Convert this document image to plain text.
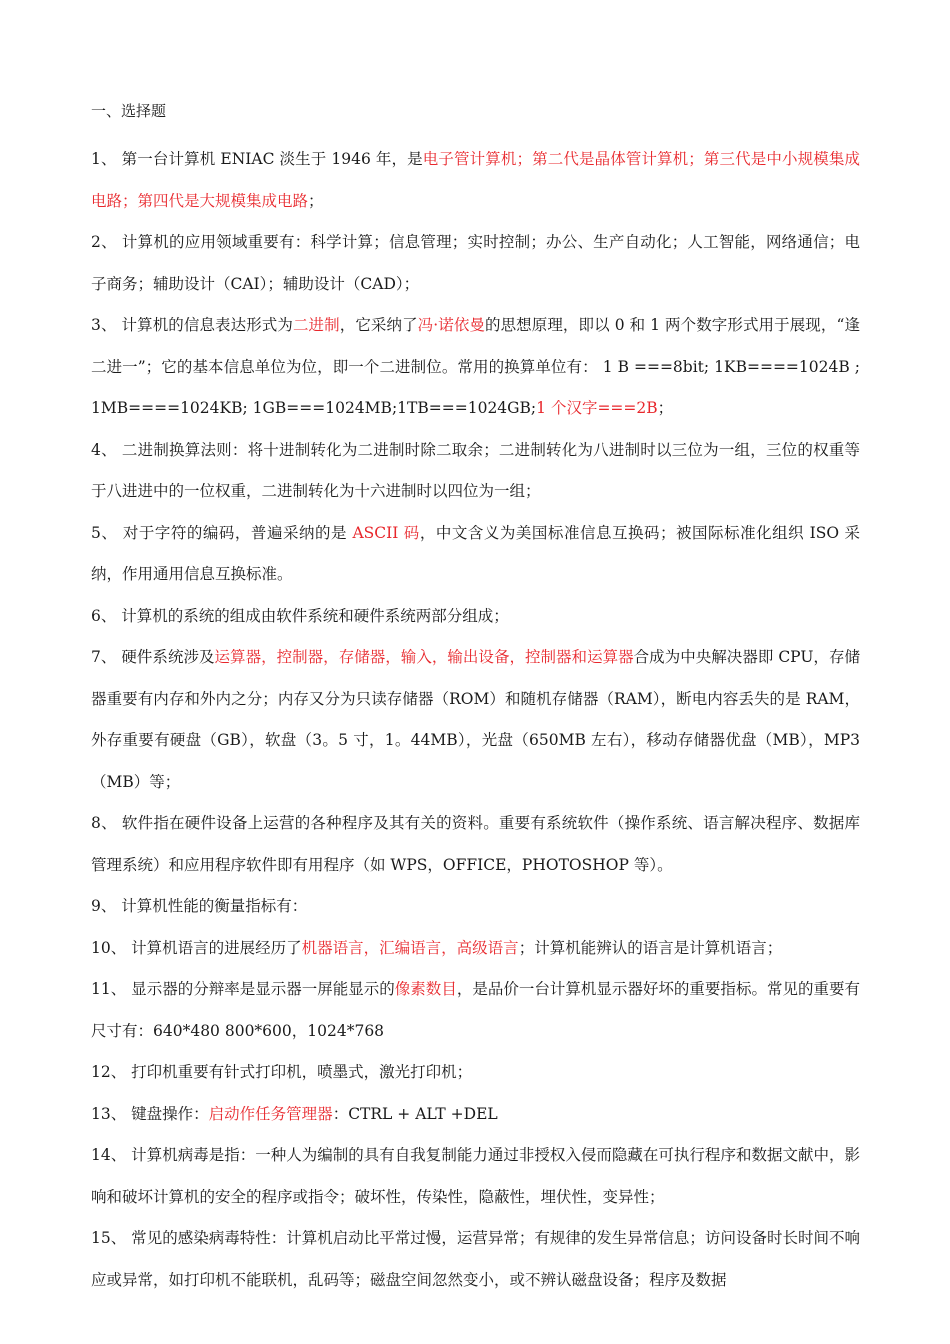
一、选择题

1、 第一台计算机 ENIAC 淡生于 1946 年，是电子管计算机；第二代是晶体管计算机；第三代是中小规模集成电路；第四代是大规模集成电路；

2、 计算机的应用领域重要有：科学计算；信息管理；实时控制；办公、生产自动化；人工智能，网络通信；电子商务；辅助设计（CAI）；辅助设计（CAD）；

3、 计算机的信息表达形式为二进制，它采纳了冯·诺依曼的思想原理，即以 0 和 1 两个数字形式用于展现，“逢二进一”；它的基本信息单位为位，即一个二进制位。常用的换算单位有： 1 B ===8bit; 1KB====1024B ;1MB====1024KB; 1GB===1024MB;1TB===1024GB;1 个汉字===2B；

4、 二进制换算法则：将十进制转化为二进制时除二取余；二进制转化为八进制时以三位为一组，三位的权重等于八进进中的一位权重，二进制转化为十六进制时以四位为一组；

5、 对于字符的编码，普遍采纳的是 ASCII 码，中文含义为美国标准信息互换码；被国际标准化组织 ISO 采纳，作用通用信息互换标准。

6、 计算机的系统的组成由软件系统和硬件系统两部分组成；

7、 硬件系统涉及运算器，控制器，存储器，输入，输出设备，控制器和运算器合成为中央解决器即 CPU，存储器重要有内存和外内之分；内存又分为只读存储器（ROM）和随机存储器（RAM），断电内容丢失的是 RAM，外存重要有硬盘（GB），软盘（3。5 寸，1。44MB），光盘（650MB 左右），移动存储器优盘（MB），MP3（MB）等；

8、 软件指在硬件设备上运营的各种程序及其有关的资料。重要有系统软件（操作系统、语言解决程序、数据库管理系统）和应用程序软件即有用程序（如 WPS，OFFICE，PHOTOSHOP 等）。

9、 计算机性能的衡量指标有：

10、 计算机语言的进展经历了机器语言，汇编语言，高级语言；计算机能辨认的语言是计算机语言；

11、 显示器的分辩率是显示器一屏能显示的像素数目，是品价一台计算机显示器好坏的重要指标。常见的重要有尺寸有：640*480 800*600，1024*768

12、 打印机重要有针式打印机，喷墨式，激光打印机；

13、 键盘操作：启动作任务管理器：CTRL + ALT +DEL

14、 计算机病毒是指：一种人为编制的具有自我复制能力通过非授权入侵而隐藏在可执行程序和数据文献中，影响和破坏计算机的安全的程序或指令；破坏性，传染性，隐蔽性，埋伏性，变异性；

15、 常见的感染病毒特性：计算机启动比平常过慢，运营异常；有规律的发生异常信息；访问设备时长时间不响应或异常，如打印机不能联机，乱码等；磁盘空间忽然变小，或不辨认磁盘设备；程序及数据
